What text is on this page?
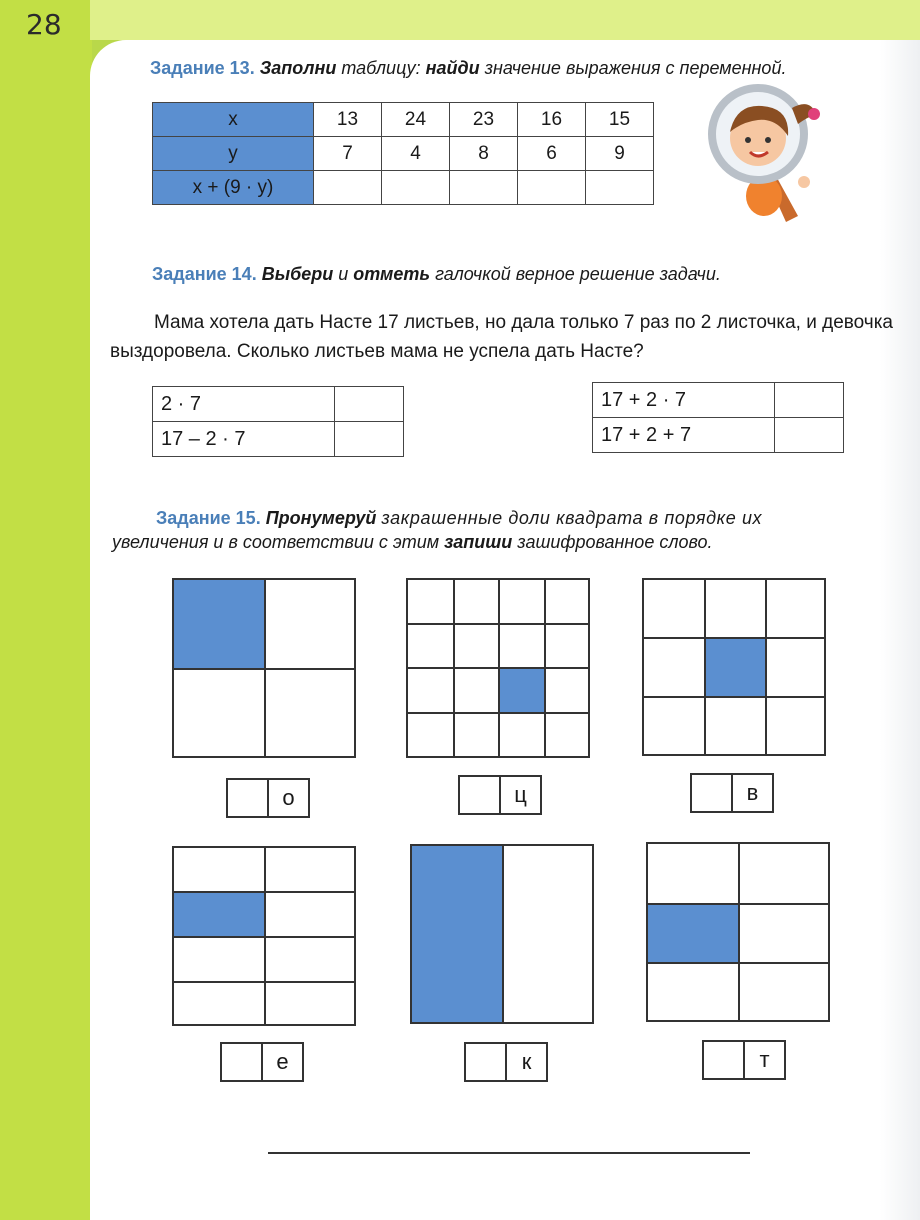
28
Задание 13. Заполни таблицу: найди значение выражения с переменной.
x	13	24	23	16	15
y	7	4	8	6	9
x + (9 · y)					
Задание 14. Выбери и отметь галочкой верное решение задачи.
Мама хотела дать Насте 17 листьев, но дала только 7 раз по 2 листочка, и девочка выздоровела. Сколько листьев мама не успела дать Насте?
2 · 7	
17 – 2 · 7	
17 + 2 · 7	
17 + 2 + 7	
Задание 15. Пронумеруй закрашенные доли квадрата в порядке их
увеличения и в соответствии с этим запиши зашифрованное слово.
о	ц	в
е	к	т
